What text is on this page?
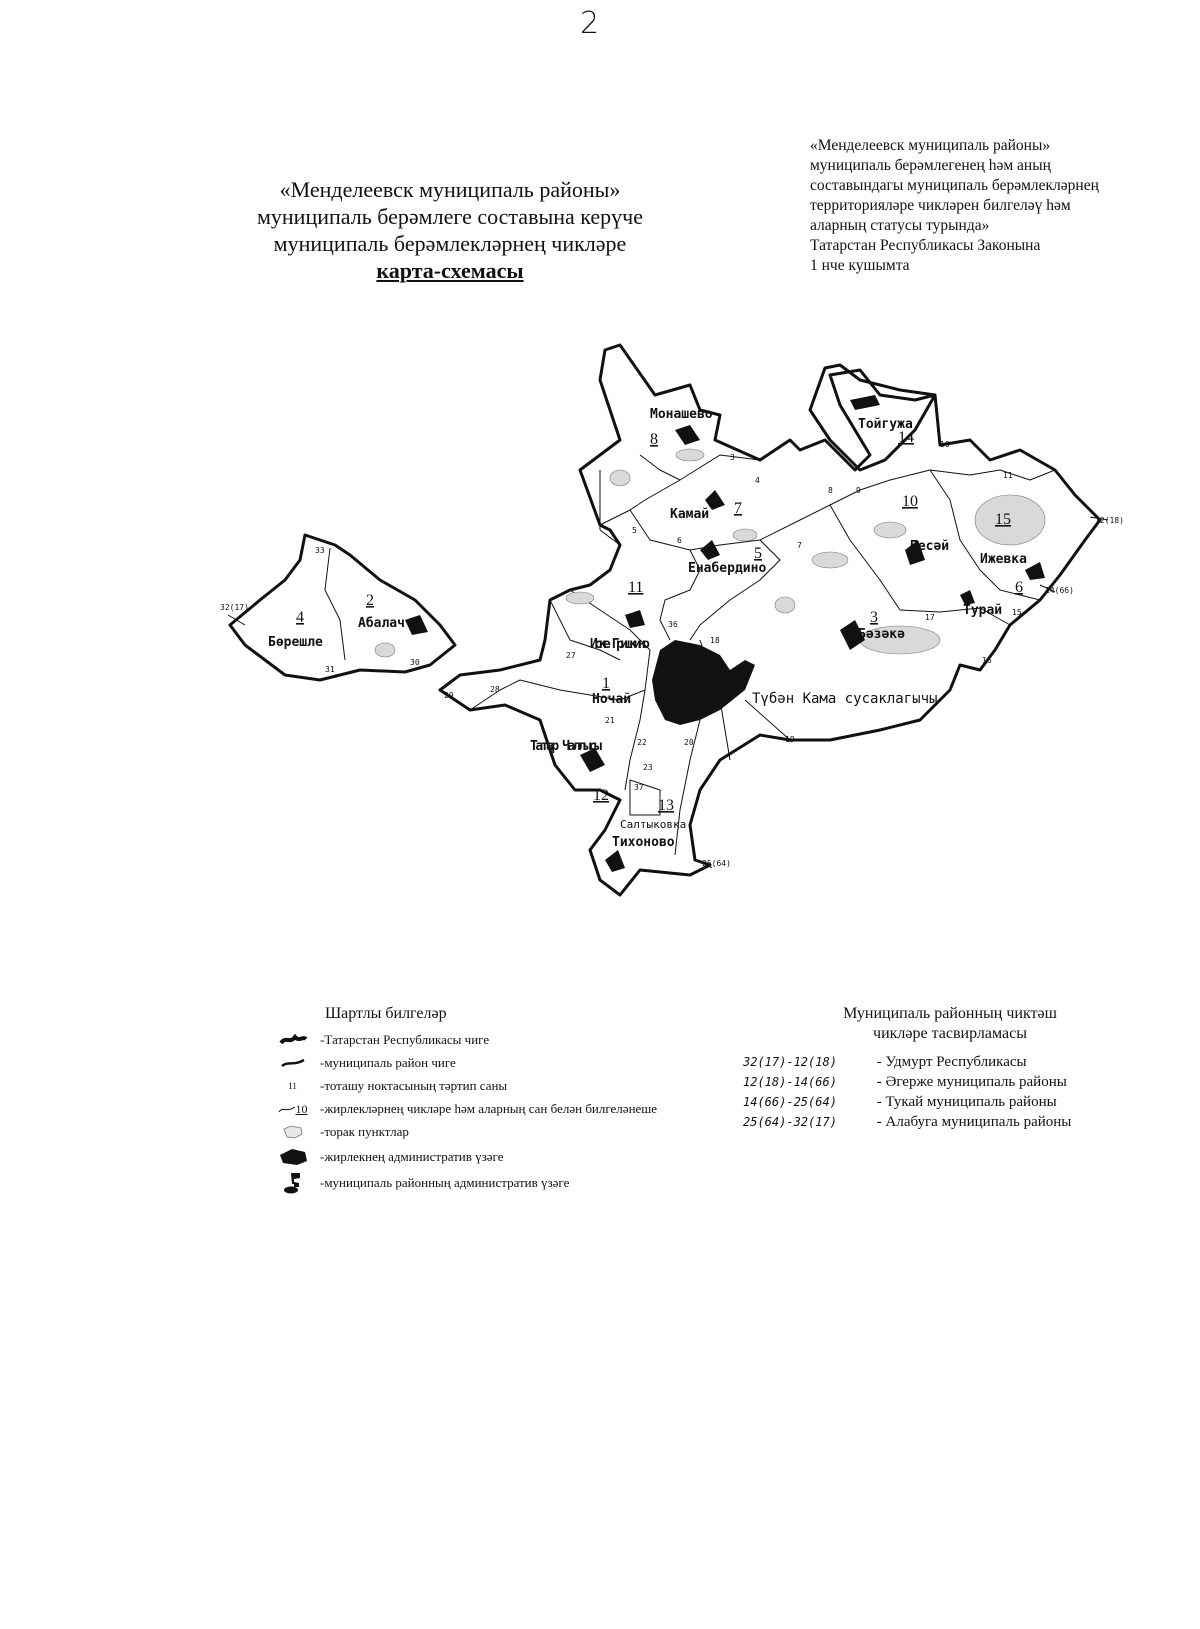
2
«Менделеевск муниципаль районы»
муниципаль берәмлегенең һәм аның
составындагы муниципаль берәмлекләрнең
территорияләре чикләрен билгеләү һәм
аларның статусы турында»
Татарстан Республикасы Законына
1 нче кушымта
«Менделеевск муниципаль районы»
муниципаль берәмлеге составына керүче
муниципаль берәмлекләрнең чикләре
карта-схемасы
Монашево
Тойгужа
Камай
Енабердино
Песәй
Ижевка
Турай
Бәзәкә
Абалач
Бөрешле	Иске Гришкино
Ночай
Татар Чаллысы
Тихоново
Салтыковка
Түбән Кама сусаклагычы
1
2
3
4
5
6
7
8
10
11
12
13
14
15
32(17)
12(18)
14(66)
25(64)
3
4
5
6
7
8	9
10
11
15
16
17
18
19
20
21
22
23
27
28
29
30
31
33
36
37
Шартлы билгеләр
-Татарстан Республикасы чиге
-муниципаль район чиге
11	-тоташу ноктасының тәртип саны
10 -жирлекләрнең чикләре һәм аларның сан белән билгеләнеше
-торак пунктлар
-жирлекнең административ үзәге
-муниципаль районның административ үзәге
Муниципаль районның чиктәш
чикләре тасвирламасы
32(17)-12(18)	- Удмурт Республикасы
12(18)-14(66)	- Әгерже муниципаль районы
14(66)-25(64)	- Тукай муниципаль районы
25(64)-32(17)	- Алабуга муниципаль районы
